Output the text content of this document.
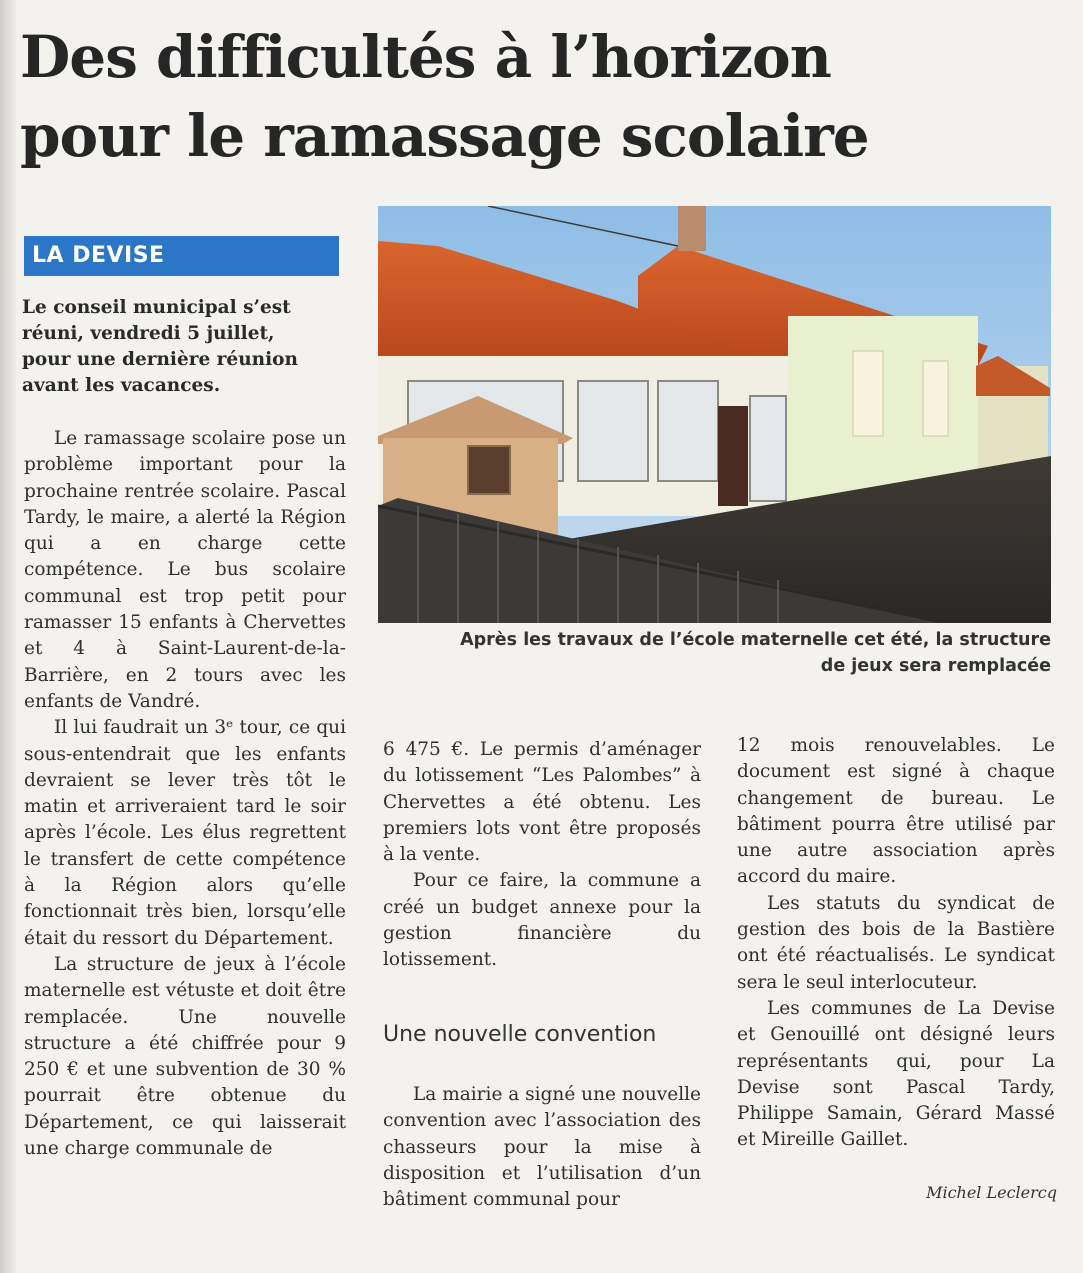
Des difficultés à l’horizon
pour le ramassage scolaire
LA DEVISE

Le conseil municipal s’est
réuni, vendredi 5 juillet,
pour une dernière réunion
avant les vacances.

Le ramassage scolaire pose un problème important pour la prochaine rentrée scolaire. Pascal Tardy, le maire, a alerté la Région qui a en charge cette compétence. Le bus scolaire communal est trop petit pour ramasser 15 enfants à Chervettes et 4 à Saint-Laurent-de-la-Barrière, en 2 tours avec les enfants de Vandré.

Il lui faudrait un 3ᵉ tour, ce qui sous-entendrait que les enfants devraient se lever très tôt le matin et arriveraient tard le soir après l’école. Les élus regrettent le transfert de cette compétence à la Région alors qu’elle fonctionnait très bien, lorsqu’elle était du ressort du Département.

La structure de jeux à l’école maternelle est vétuste et doit être remplacée. Une nouvelle structure a été chiffrée pour 9 250 € et une subvention de 30 % pourrait être obtenue du Département, ce qui laisserait une charge communale de

Après les travaux de l’école maternelle cet été, la structure
de jeux sera remplacée

6 475 €. Le permis d’aménager du lotissement “Les Palombes” à Chervettes a été obtenu. Les premiers lots vont être proposés à la vente.

Pour ce faire, la commune a créé un budget annexe pour la gestion financière du lotissement.

Une nouvelle convention

La mairie a signé une nouvelle convention avec l’association des chasseurs pour la mise à disposition et l’utilisation d’un bâtiment communal pour

12 mois renouvelables. Le document est signé à chaque changement de bureau. Le bâtiment pourra être utilisé par une autre association après accord du maire.

Les statuts du syndicat de gestion des bois de la Bastière ont été réactualisés. Le syndicat sera le seul interlocuteur.

Les communes de La Devise et Genouillé ont désigné leurs représentants qui, pour La Devise sont Pascal Tardy, Philippe Samain, Gérard Massé et Mireille Gaillet.

Michel Leclercq
